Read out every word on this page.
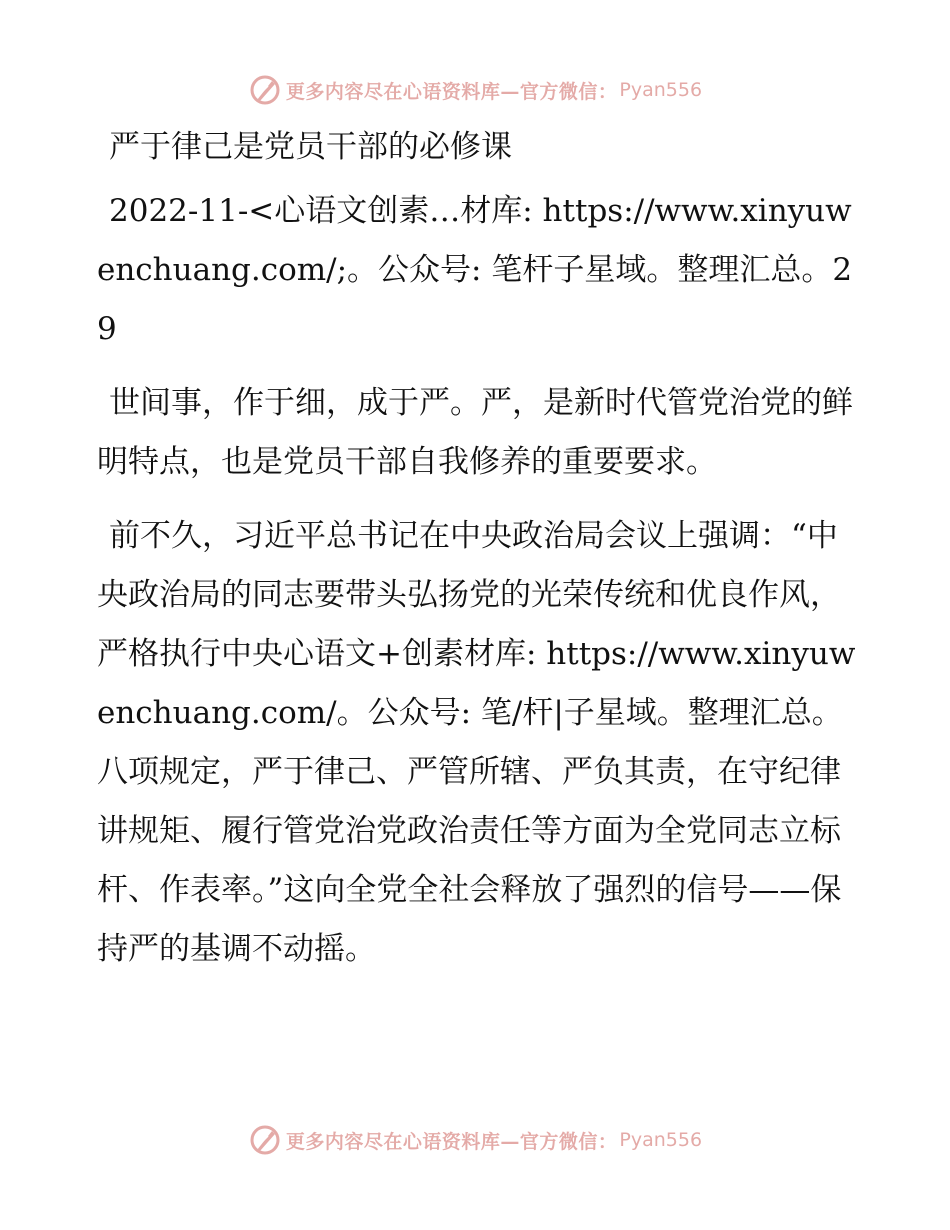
更多内容尽在心语资料库—官方微信： Pyan556
严于律己是党员干部的必修课

2022-11-<心语文创素…材库: https://www.xinyuwenchuang.com/;。公众号: 笔杆子星域。整理汇总。29

世间事，作于细，成于严。严，是新时代管党治党的鲜明特点，也是党员干部自我修养的重要要求。

前不久，习近平总书记在中央政治局会议上强调：“中央政治局的同志要带头弘扬党的光荣传统和优良作风，严格执行中央心语文+创素材库: https://www.xinyuwenchuang.com/。公众号: 笔/杆|子星域。整理汇总。八项规定，严于律己、严管所辖、严负其责，在守纪律讲规矩、履行管党治党政治责任等方面为全党同志立标杆、作表率。”这向全党全社会释放了强烈的信号——保持严的基调不动摇。

更多内容尽在心语资料库—官方微信： Pyan556
